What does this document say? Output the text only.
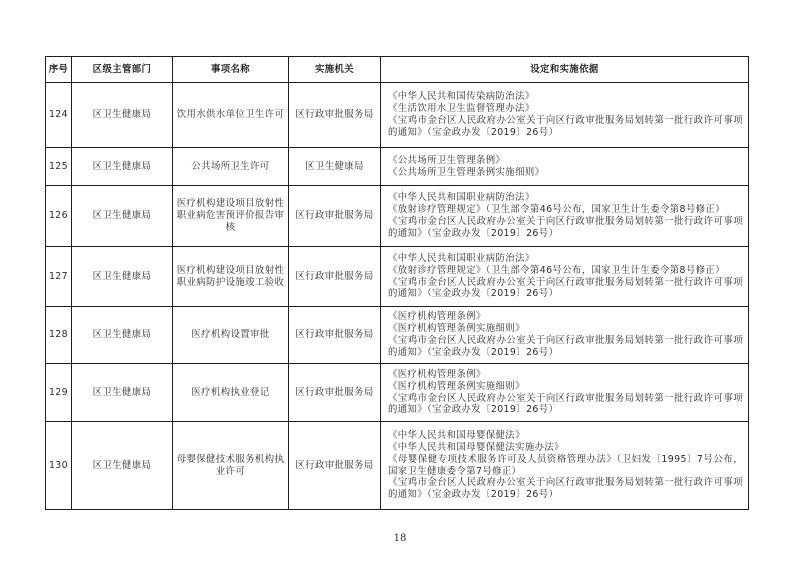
序号	区级主管部门	事项名称	实施机关	设定和实施依据
124	区卫生健康局	饮用水供水单位卫生许可	区行政审批服务局	《中华人民共和国传染病防治法》
《生活饮用水卫生监督管理办法》
《宝鸡市金台区人民政府办公室关于向区行政审批服务局划转第一批行政许可事项的通知》（宝金政办发〔2019〕26号）

125	区卫生健康局	公共场所卫生许可	区卫生健康局	《公共场所卫生管理条例》
《公共场所卫生管理条例实施细则》

126	区卫生健康局	医疗机构建设项目放射性职业病危害预评价报告审核	区行政审批服务局	《中华人民共和国职业病防治法》
《放射诊疗管理规定》（卫生部令第46号公布，国家卫生计生委令第8号修正）
《宝鸡市金台区人民政府办公室关于向区行政审批服务局划转第一批行政许可事项的通知》（宝金政办发〔2019〕26号）

127	区卫生健康局	医疗机构建设项目放射性职业病防护设施竣工验收	区行政审批服务局	《中华人民共和国职业病防治法》
《放射诊疗管理规定》（卫生部令第46号公布，国家卫生计生委令第8号修正）
《宝鸡市金台区人民政府办公室关于向区行政审批服务局划转第一批行政许可事项的通知》（宝金政办发〔2019〕26号）

128	区卫生健康局	医疗机构设置审批	区行政审批服务局	《医疗机构管理条例》
《医疗机构管理条例实施细则》
《宝鸡市金台区人民政府办公室关于向区行政审批服务局划转第一批行政许可事项的通知》（宝金政办发〔2019〕26号）

129	区卫生健康局	医疗机构执业登记	区行政审批服务局	《医疗机构管理条例》
《医疗机构管理条例实施细则》
《宝鸡市金台区人民政府办公室关于向区行政审批服务局划转第一批行政许可事项的通知》（宝金政办发〔2019〕26号）

130	区卫生健康局	母婴保健技术服务机构执业许可	区行政审批服务局	《中华人民共和国母婴保健法》
《中华人民共和国母婴保健法实施办法》
《母婴保健专项技术服务许可及人员资格管理办法》（卫妇发〔1995〕7号公布，国家卫生健康委令第7号修正）
《宝鸡市金台区人民政府办公室关于向区行政审批服务局划转第一批行政许可事项的通知》（宝金政办发〔2019〕26号）
18
